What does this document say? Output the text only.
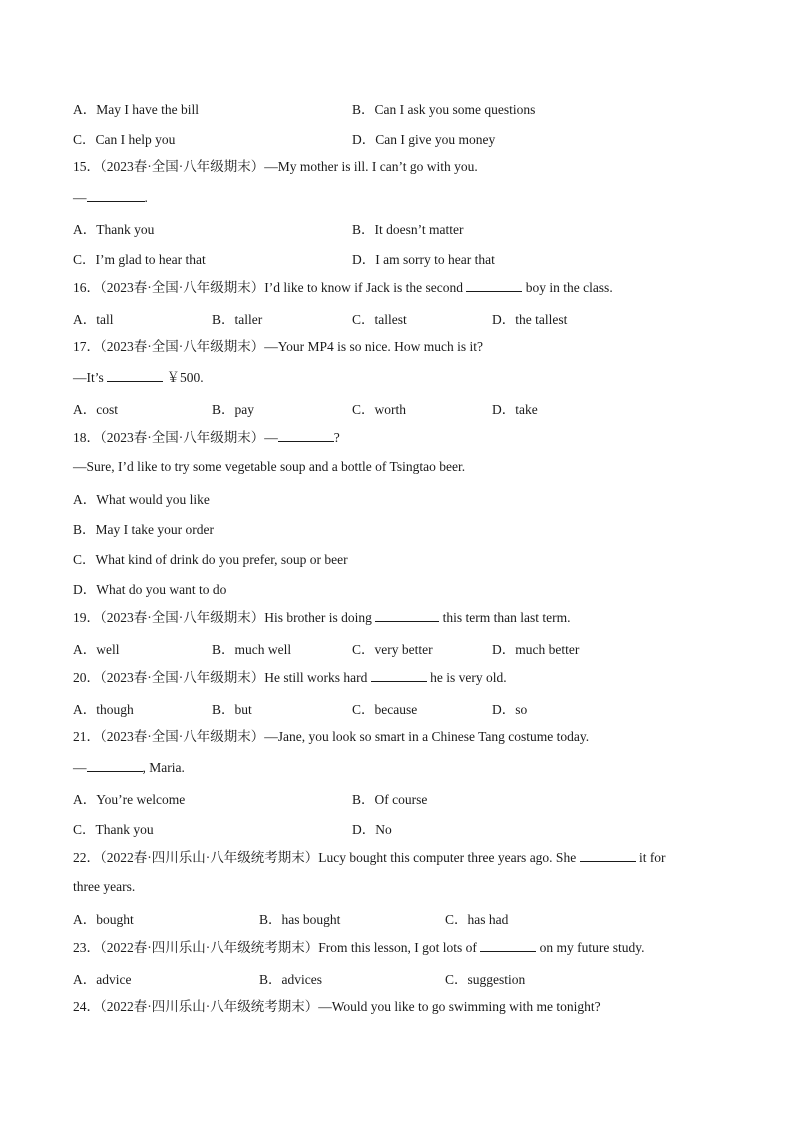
A．May I have the bill	B．Can I ask you some questions
C．Can I help you	D．Can I give you money
15．（2023春·全国·八年级期末）—My mother is ill. I can’t go with you.
—	.
A．Thank you	B．It doesn’t matter
C．I’m glad to hear that	D．I am sorry to hear that
16．（2023春·全国·八年级期末）I’d like to know if Jack is the second	boy in the class.
A．tall	B．taller	C．tallest	D．the tallest
17．（2023春·全国·八年级期末）—Your MP4 is so nice. How much is it?
—It’s	￥500.
A．cost	B．pay	C．worth	D．take
18．（2023春·全国·八年级期末）—	?
—Sure, I’d like to try some vegetable soup and a bottle of Tsingtao beer.
A．What would you like
B．May I take your order
C．What kind of drink do you prefer, soup or beer
D．What do you want to do
19．（2023春·全国·八年级期末）His brother is doing	this term than last term.
A．well	B．much well	C．very better	D．much better
20．（2023春·全国·八年级期末）He still works hard	he is very old.
A．though	B．but	C．because	D．so
21．（2023春·全国·八年级期末）—Jane, you look so smart in a Chinese Tang costume today.
—	, Maria.
A．You’re welcome	B．Of course
C．Thank you	D．No
22．（2022春·四川乐山·八年级统考期末）Lucy bought this computer three years ago. She	it for
three years.
A．bought	B．has bought	C．has had
23．（2022春·四川乐山·八年级统考期末）From this lesson, I got lots of	on my future study.
A．advice	B．advices	C．suggestion
24．（2022春·四川乐山·八年级统考期末）—Would you like to go swimming with me tonight?
